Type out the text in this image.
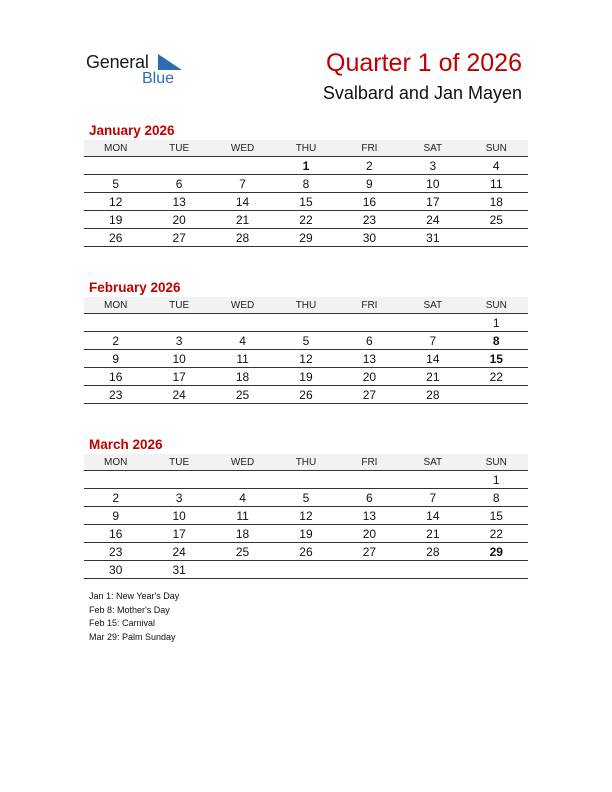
General
Blue
Quarter 1 of 2026
Svalbard and Jan Mayen
January 2026
MON	TUE	WED	THU	FRI	SAT	SUN
			1	2	3	4
5	6	7	8	9	10	11
12	13	14	15	16	17	18
19	20	21	22	23	24	25
26	27	28	29	30	31	
February 2026
MON	TUE	WED	THU	FRI	SAT	SUN
						1
2	3	4	5	6	7	8
9	10	11	12	13	14	15
16	17	18	19	20	21	22
23	24	25	26	27	28	
March 2026
MON	TUE	WED	THU	FRI	SAT	SUN
						1
2	3	4	5	6	7	8
9	10	11	12	13	14	15
16	17	18	19	20	21	22
23	24	25	26	27	28	29
30	31					
Jan 1: New Year's Day
Feb 8: Mother's Day
Feb 15: Carnival
Mar 29: Palm Sunday
